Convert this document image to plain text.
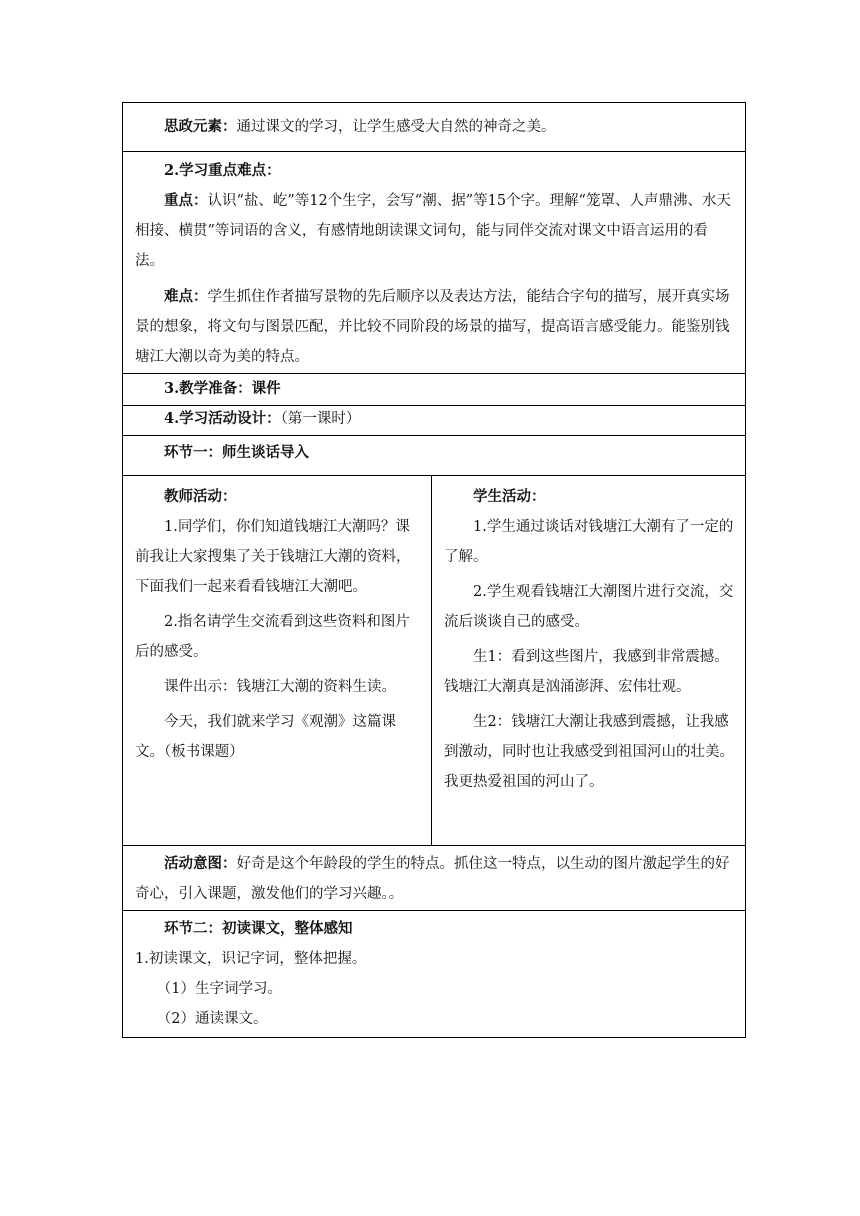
思政元素：通过课文的学习，让学生感受大自然的神奇之美。

2.学习重点难点：

重点：认识“盐、屹”等12个生字，会写“潮、据”等15个字。理解“笼罩、人声鼎沸、水天相接、横贯”等词语的含义，有感情地朗读课文词句，能与同伴交流对课文中语言运用的看法。

难点：学生抓住作者描写景物的先后顺序以及表达方法，能结合字句的描写，展开真实场景的想象，将文句与图景匹配，并比较不同阶段的场景的描写，提高语言感受能力。能鉴别钱塘江大潮以奇为美的特点。

3.教学准备：课件

4.学习活动设计：（第一课时）

环节一：师生谈话导入

教师活动：

1.同学们，你们知道钱塘江大潮吗？课前我让大家搜集了关于钱塘江大潮的资料，下面我们一起来看看钱塘江大潮吧。

2.指名请学生交流看到这些资料和图片后的感受。

课件出示：钱塘江大潮的资料生读。

今天，我们就来学习《观潮》这篇课文。（板书课题）

学生活动：

1.学生通过谈话对钱塘江大潮有了一定的了解。

2.学生观看钱塘江大潮图片进行交流，交流后谈谈自己的感受。

生1：看到这些图片，我感到非常震撼。钱塘江大潮真是汹涌澎湃、宏伟壮观。

生2：钱塘江大潮让我感到震撼，让我感到激动，同时也让我感受到祖国河山的壮美。我更热爱祖国的河山了。

活动意图：好奇是这个年龄段的学生的特点。抓住这一特点，以生动的图片激起学生的好奇心，引入课题，激发他们的学习兴趣。。

环节二：初读课文，整体感知

1.初读课文，识记字词，整体把握。

（1）生字词学习。

（2）通读课文。
